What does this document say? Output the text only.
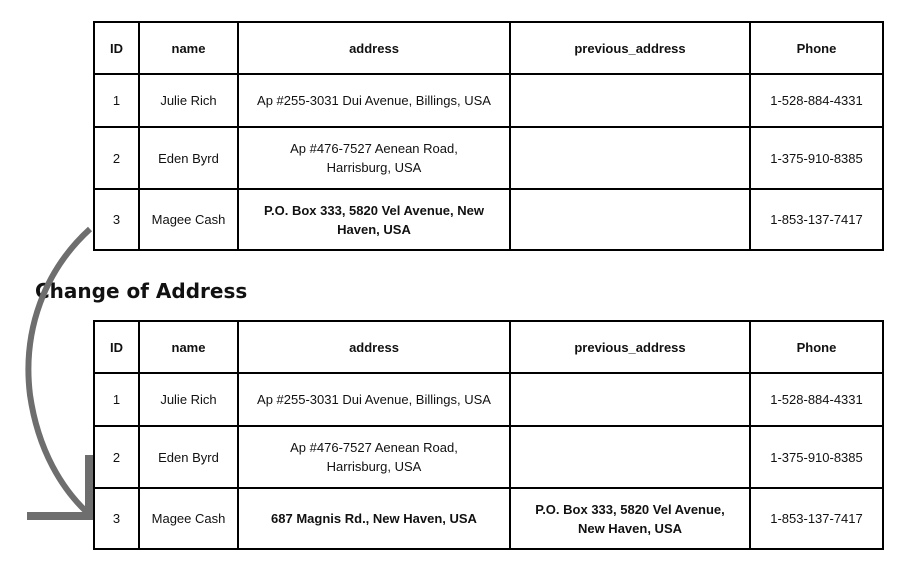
ID	name	address	previous_address	Phone
1	Julie Rich	Ap #255-3031 Dui Avenue, Billings, USA		1-528-884-4331
2	Eden Byrd	Ap #476-7527 Aenean Road, Harrisburg, USA		1-375-910-8385
3	Magee Cash	P.O. Box 333, 5820 Vel Avenue, New Haven, USA		1-853-137-7417
Change of Address
ID	name	address	previous_address	Phone
1	Julie Rich	Ap #255-3031 Dui Avenue, Billings, USA		1-528-884-4331
2	Eden Byrd	Ap #476-7527 Aenean Road, Harrisburg, USA		1-375-910-8385
3	Magee Cash	687 Magnis Rd., New Haven, USA	P.O. Box 333, 5820 Vel Avenue, New Haven, USA	1-853-137-7417
